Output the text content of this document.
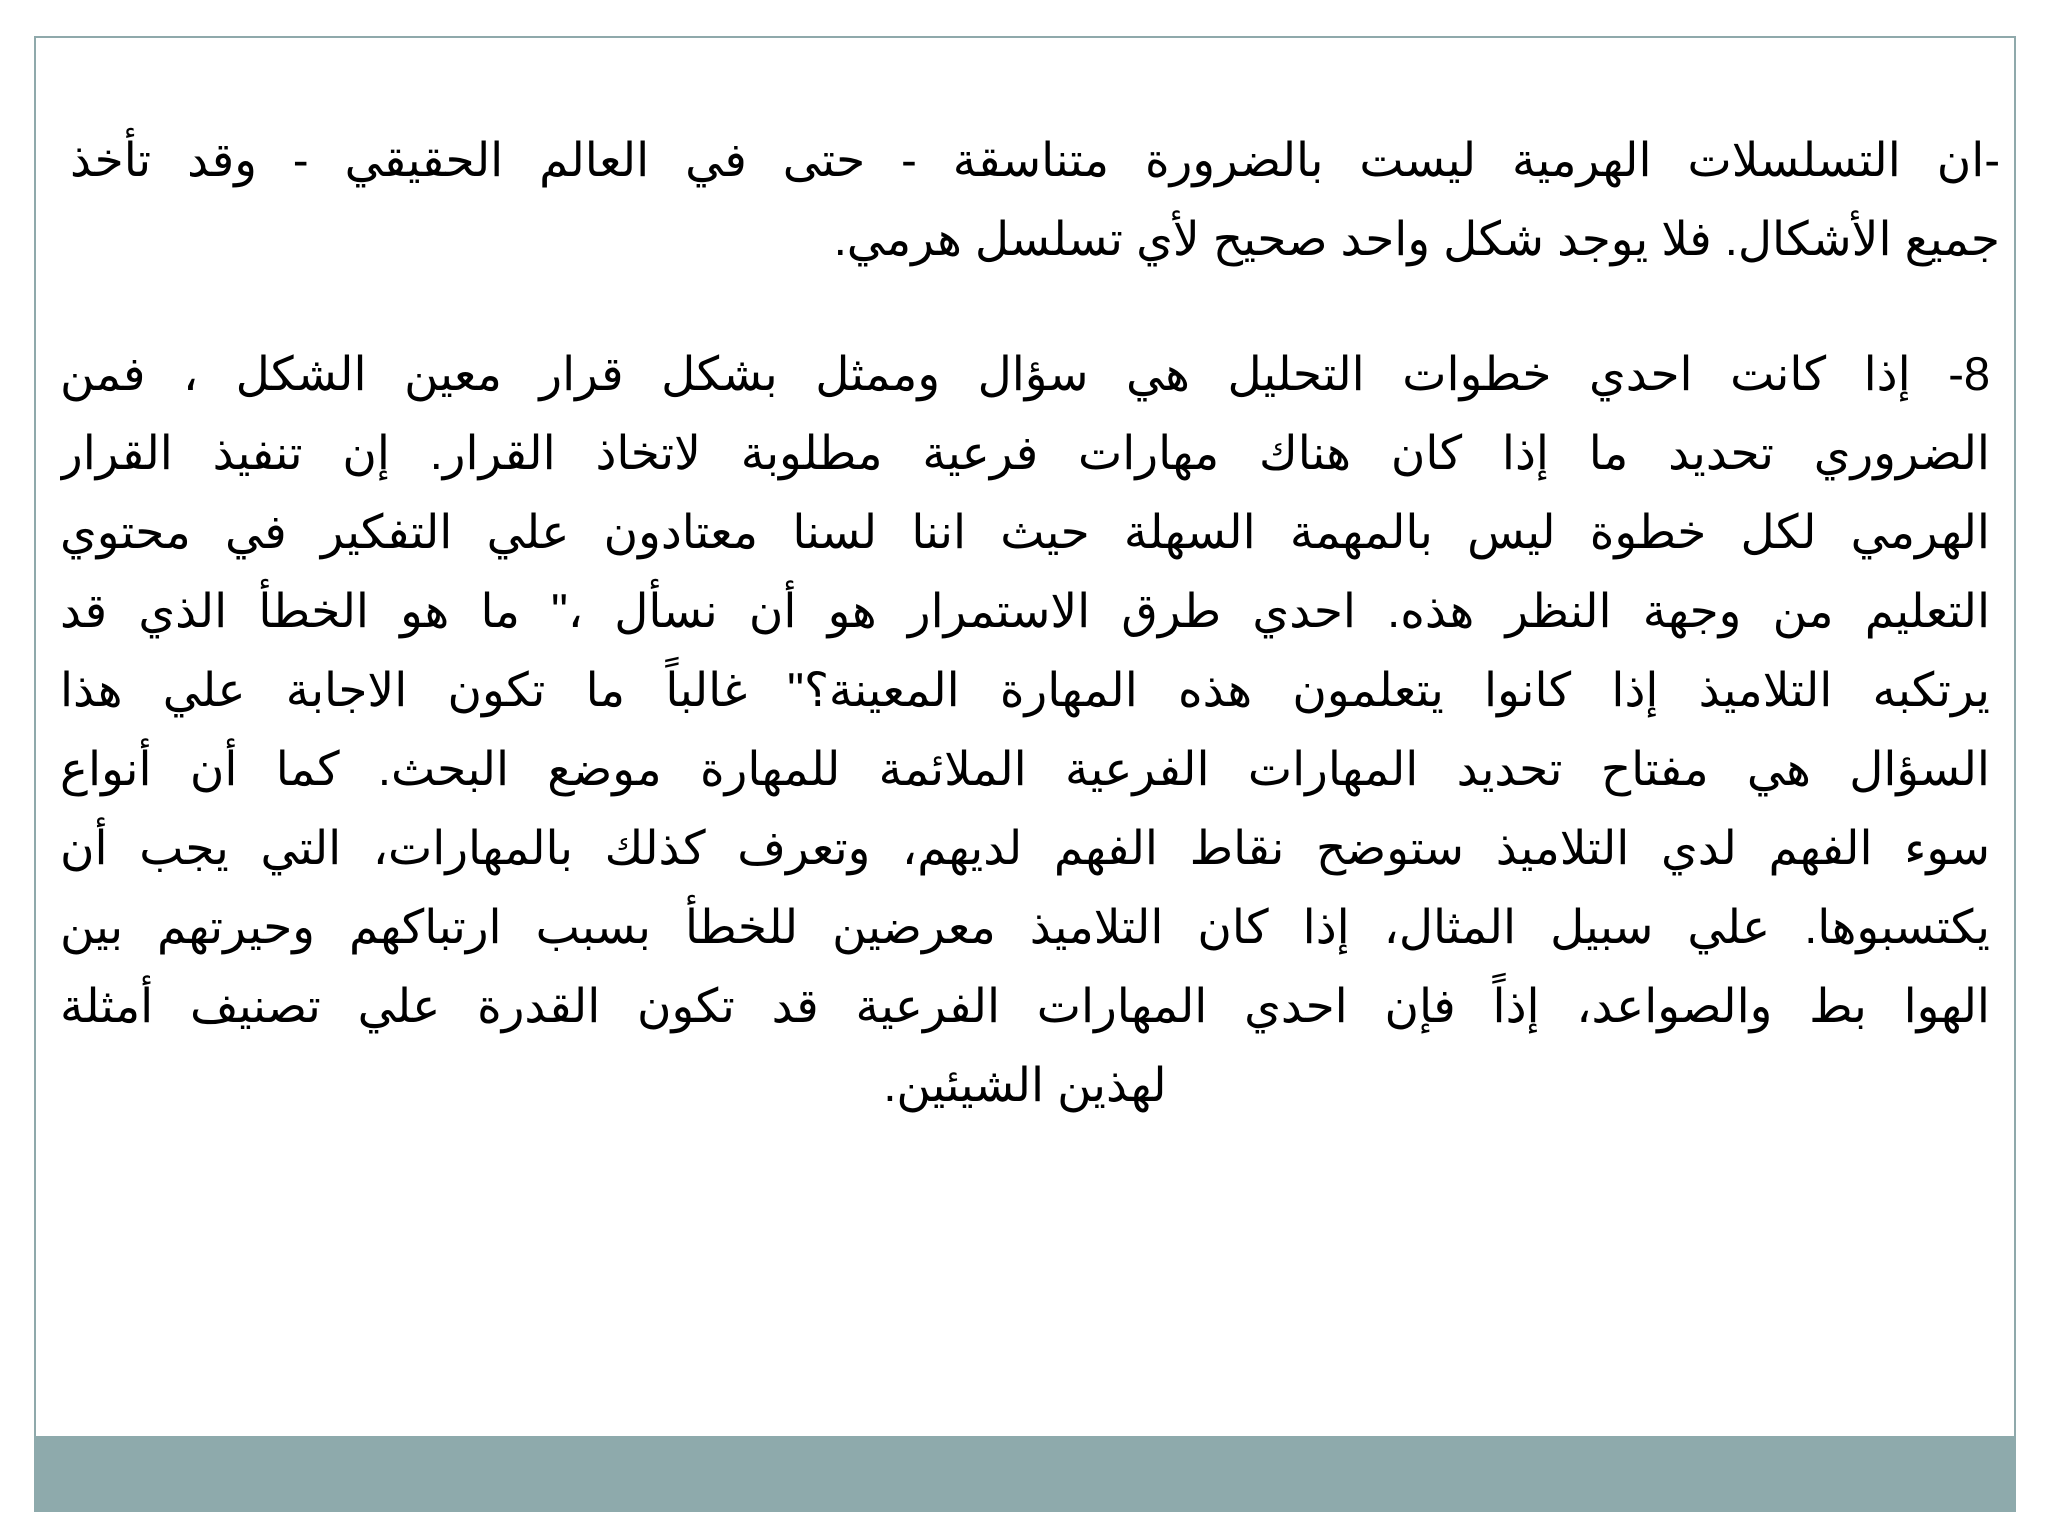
-ان التسلسلات الهرمية ليست بالضرورة متناسقة - حتى في العالم الحقيقي - وقد تأخذ
جميع الأشكال. فلا يوجد شكل واحد صحيح لأي تسلسل هرمي.
8- إذا كانت احدي خطوات التحليل هي سؤال وممثل بشكل قرار معين الشكل ، فمن
الضروري تحديد ما إذا كان هناك مهارات فرعية مطلوبة لاتخاذ القرار. إن تنفيذ القرار
الهرمي لكل خطوة ليس بالمهمة السهلة حيث اننا لسنا معتادون علي التفكير في محتوي
التعليم من وجهة النظر هذه. احدي طرق الاستمرار هو أن نسأل ،" ما هو الخطأ الذي قد
يرتكبه التلاميذ إذا كانوا يتعلمون هذه المهارة المعينة؟" غالباً ما تكون الاجابة علي هذا
السؤال هي مفتاح تحديد المهارات الفرعية الملائمة للمهارة موضع البحث. كما أن أنواع
سوء الفهم لدي التلاميذ ستوضح نقاط الفهم لديهم، وتعرف كذلك بالمهارات، التي يجب أن
يكتسبوها. علي سبيل المثال، إذا كان التلاميذ معرضين للخطأ بسبب ارتباكهم وحيرتهم بين
الهوا بط والصواعد، إذاً فإن احدي المهارات الفرعية قد تكون القدرة علي تصنيف أمثلة
لهذين الشيئين.
